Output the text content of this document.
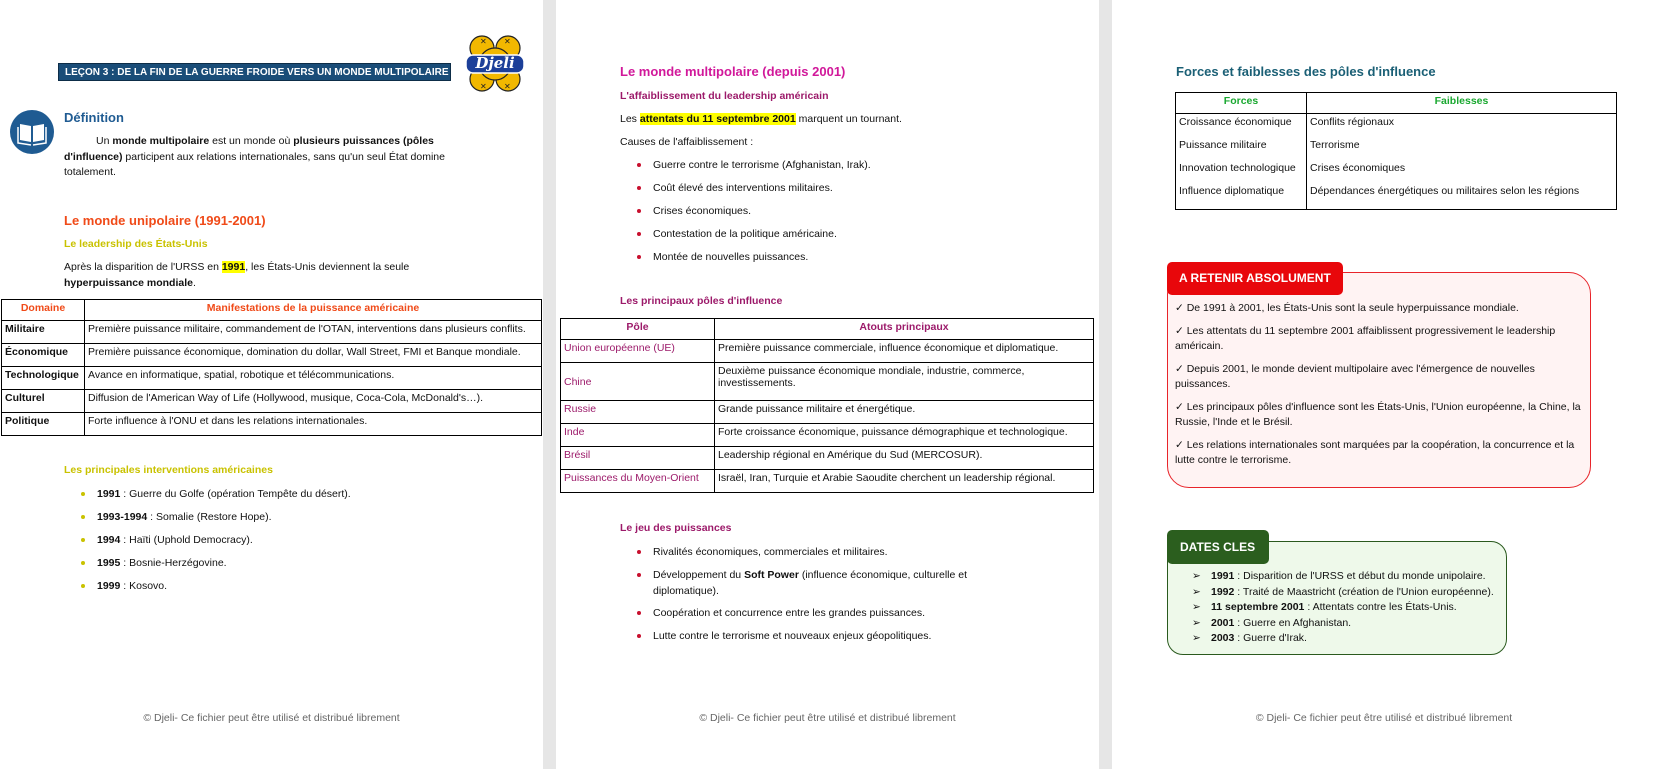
LEÇON 3 : DE LA FIN DE LA GUERRE FROIDE VERS UN MONDE MULTIPOLAIRE
✕ ✕
✕ ✕
Djeli
Définition

Un monde multipolaire est un monde où plusieurs puissances (pôles d'influence) participent aux relations internationales, sans qu'un seul État domine totalement.

Le monde unipolaire (1991-2001)
Le leadership des États-Unis

Après la disparition de l'URSS en 1991, les États-Unis deviennent la seule hyperpuissance mondiale.

Domaine	Manifestations de la puissance américaine
Militaire	Première puissance militaire, commandement de l'OTAN, interventions dans plusieurs conflits.
Économique	Première puissance économique, domination du dollar, Wall Street, FMI et Banque mondiale.
Technologique	Avance en informatique, spatial, robotique et télécommunications.
Culturel	Diffusion de l'American Way of Life (Hollywood, musique, Coca-Cola, McDonald's…).
Politique	Forte influence à l'ONU et dans les relations internationales.
Les principales interventions américaines
1991 : Guerre du Golfe (opération Tempête du désert).
1993-1994 : Somalie (Restore Hope).
1994 : Haïti (Uphold Democracy).
1995 : Bosnie-Herzégovine.
1999 : Kosovo.
© Djeli- Ce fichier peut être utilisé et distribué librement
Le monde multipolaire (depuis 2001)
L'affaiblissement du leadership américain

Les attentats du 11 septembre 2001 marquent un tournant.

Causes de l'affaiblissement :

Guerre contre le terrorisme (Afghanistan, Irak).
Coût élevé des interventions militaires.
Crises économiques.
Contestation de la politique américaine.
Montée de nouvelles puissances.
Les principaux pôles d'influence
Pôle	Atouts principaux
Union européenne (UE)	Première puissance commerciale, influence économique et diplomatique.
Chine	Deuxième puissance économique mondiale, industrie, commerce, investissements.
Russie	Grande puissance militaire et énergétique.
Inde	Forte croissance économique, puissance démographique et technologique.
Brésil	Leadership régional en Amérique du Sud (MERCOSUR).
Puissances du Moyen-Orient	Israël, Iran, Turquie et Arabie Saoudite cherchent un leadership régional.
Le jeu des puissances
Rivalités économiques, commerciales et militaires.
Développement du Soft Power (influence économique, culturelle et diplomatique).
Coopération et concurrence entre les grandes puissances.
Lutte contre le terrorisme et nouveaux enjeux géopolitiques.
© Djeli- Ce fichier peut être utilisé et distribué librement
Forces et faiblesses des pôles d'influence
Forces	Faiblesses
Croissance économique	Conflits régionaux
Puissance militaire	Terrorisme
Innovation technologique	Crises économiques
Influence diplomatique	Dépendances énergétiques ou militaires selon les régions
A RETENIR ABSOLUMENT

✓ De 1991 à 2001, les États-Unis sont la seule hyperpuissance mondiale.

✓ Les attentats du 11 septembre 2001 affaiblissent progressivement le leadership américain.

✓ Depuis 2001, le monde devient multipolaire avec l'émergence de nouvelles puissances.

✓ Les principaux pôles d'influence sont les États-Unis, l'Union européenne, la Chine, la Russie, l'Inde et le Brésil.

✓ Les relations internationales sont marquées par la coopération, la concurrence et la lutte contre le terrorisme.

DATES CLES
➢ 1991 : Disparition de l'URSS et début du monde unipolaire.
➢ 1992 : Traité de Maastricht (création de l'Union européenne).
➢ 11 septembre 2001 : Attentats contre les États-Unis.
➢ 2001 : Guerre en Afghanistan.
➢ 2003 : Guerre d'Irak.
© Djeli- Ce fichier peut être utilisé et distribué librement
